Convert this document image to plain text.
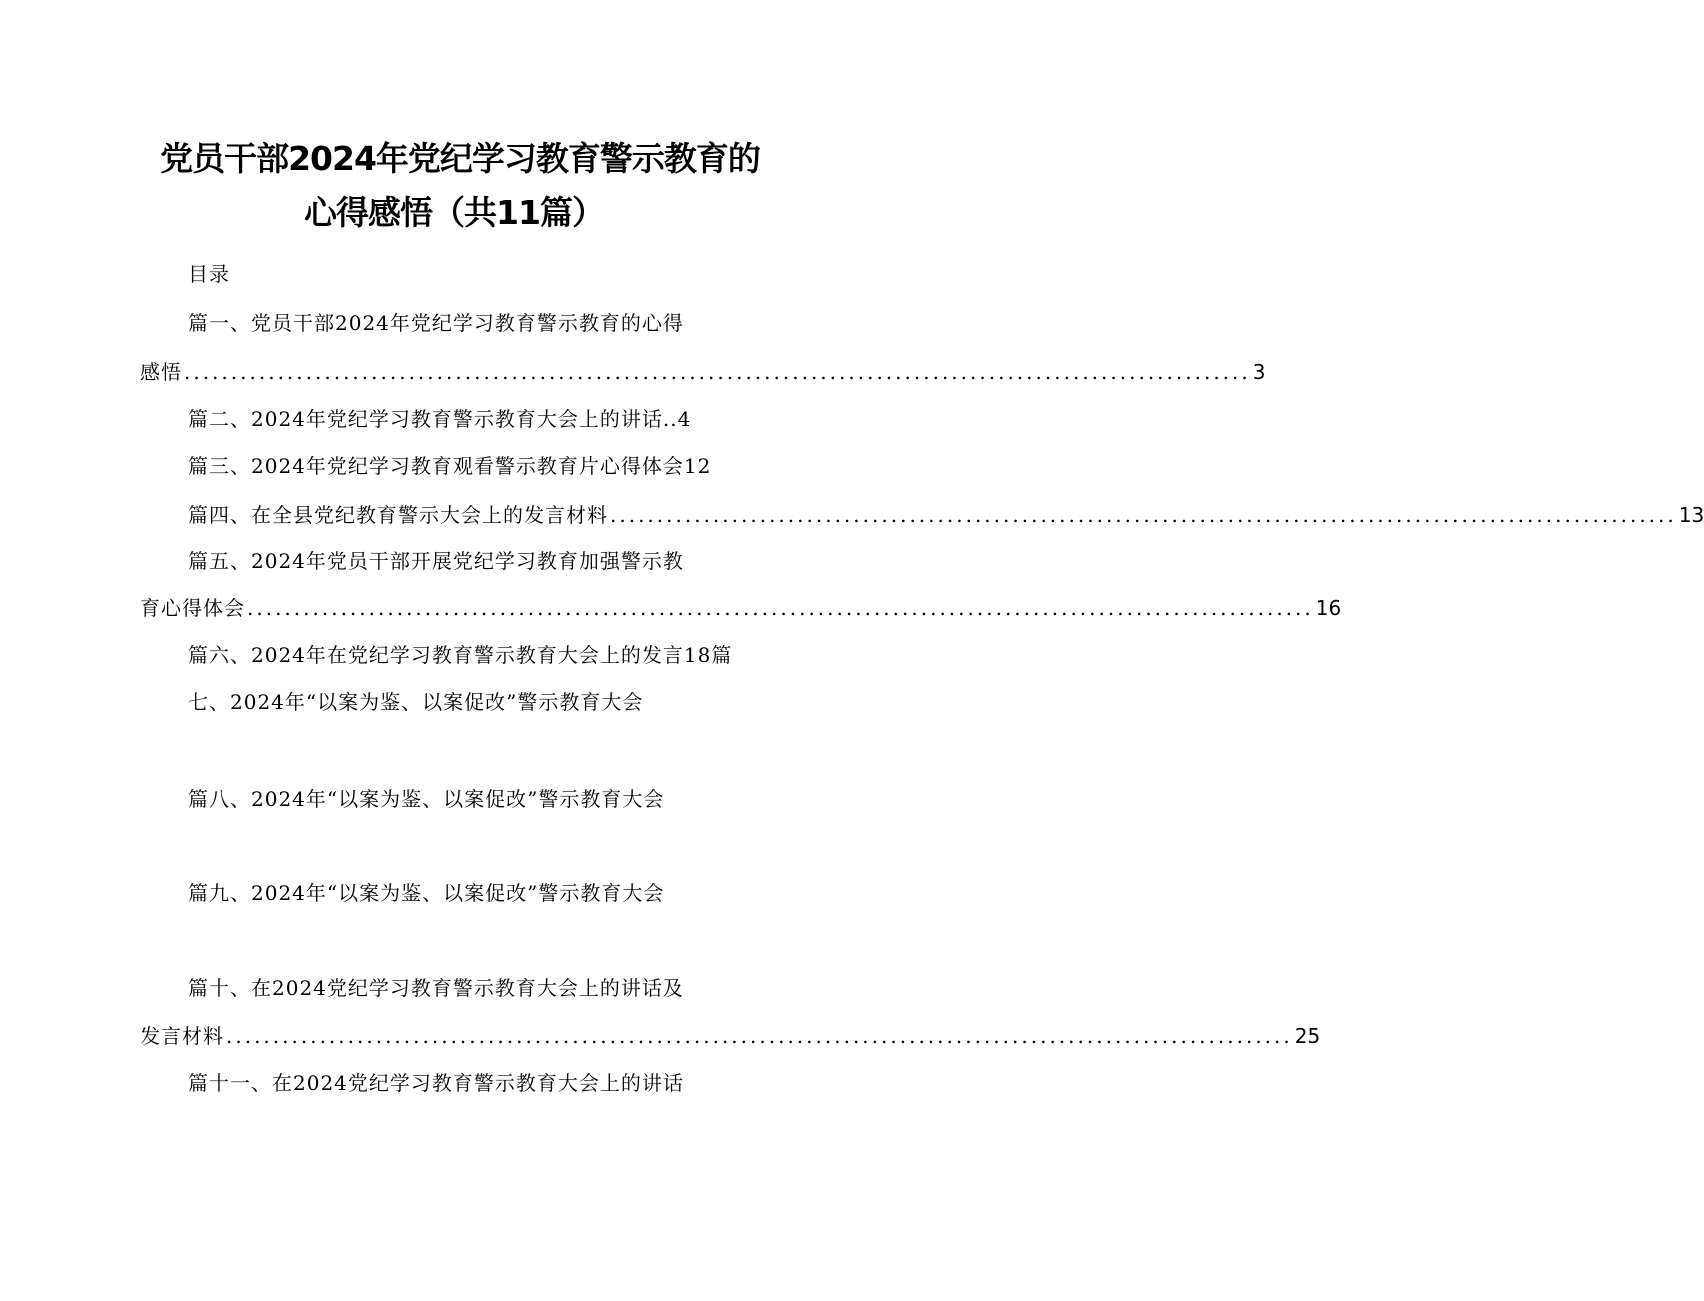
党员干部2024年党纪学习教育警示教育的
心得感悟（共11篇）
目录
篇一、党员干部2024年党纪学习教育警示教育的心得
感悟 .................................................................................................................. 3
篇二、2024年党纪学习教育警示教育大会上的讲话..4
篇三、2024年党纪学习教育观看警示教育片心得体会12
篇四、在全县党纪教育警示大会上的发言材料 .................................................................................................................. 13
篇五、2024年党员干部开展党纪学习教育加强警示教
育心得体会 .................................................................................................................. 16
篇六、2024年在党纪学习教育警示教育大会上的发言18篇
七、2024年“以案为鉴、以案促改”警示教育大会
篇八、2024年“以案为鉴、以案促改”警示教育大会
篇九、2024年“以案为鉴、以案促改”警示教育大会
篇十、在2024党纪学习教育警示教育大会上的讲话及
发言材料 .................................................................................................................. 25
篇十一、在2024党纪学习教育警示教育大会上的讲话
